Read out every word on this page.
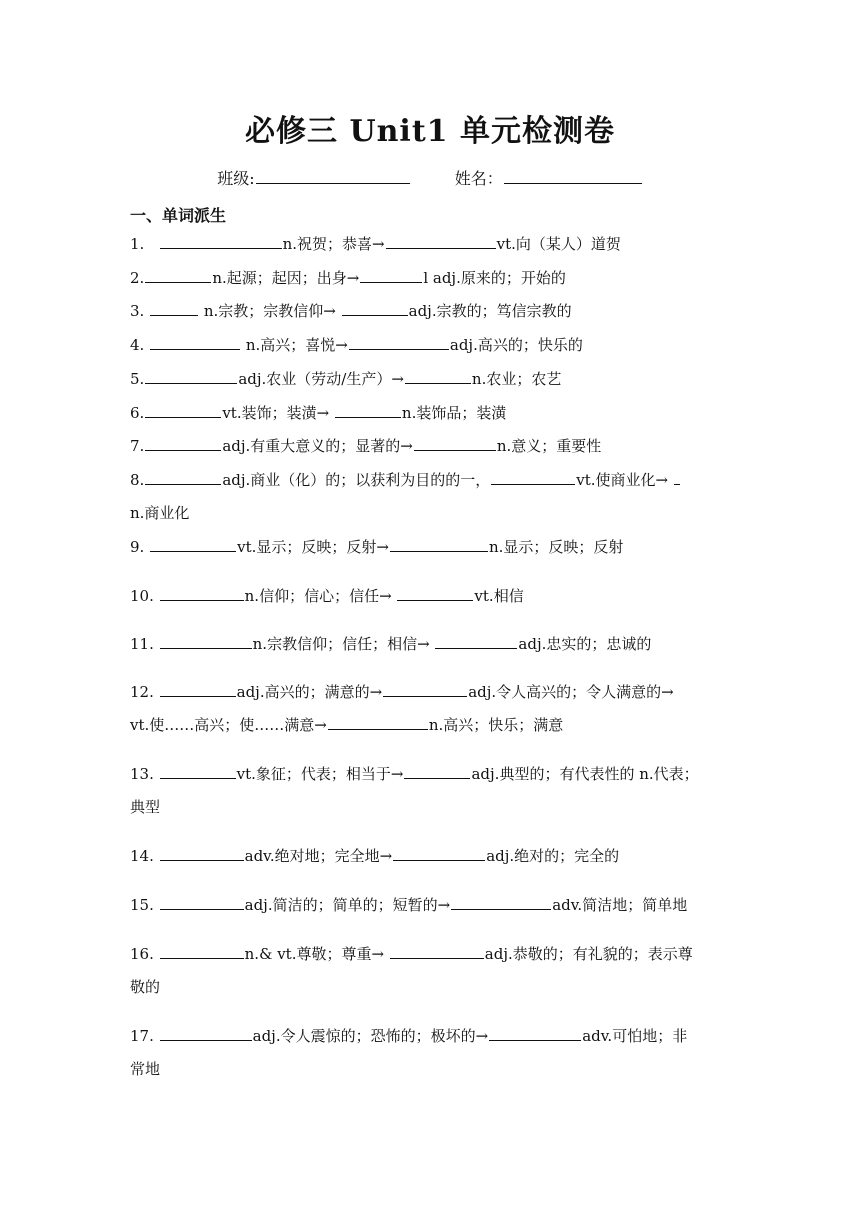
必修三 Unit1 单元检测卷
班级:	姓名：
一、单词派生
1.	n.祝贺；恭喜→	vt.向（某人）道贺
2.	n.起源；起因；出身→	l adj.原来的；开始的
3.	n.宗教；宗教信仰→	adj.宗教的；笃信宗教的
4.	n.高兴；喜悦→	adj.高兴的；快乐的
5.	adj.农业（劳动/生产）→	n.农业；农艺
6.	vt.装饰；装潢→	n.装饰品；装潢
7.	adj.有重大意义的；显著的→	n.意义；重要性
8.	adj.商业（化）的；以获利为目的的一，	vt.使商业化→
n.商业化
9.	vt.显示；反映；反射→	n.显示；反映；反射
10.	n.信仰；信心；信任→	vt.相信
11.	n.宗教信仰；信任；相信→	adj.忠实的；忠诚的
12.	adj.高兴的；满意的→	adj.令人高兴的；令人满意的→
vt.使……高兴；使……满意→	n.高兴；快乐；满意
13.	vt.象征；代表；相当于→	adj.典型的；有代表性的 n.代表；
典型
14.	adv.绝对地；完全地→	adj.绝对的；完全的
15.	adj.简洁的；简单的；短暂的→	adv.简洁地；简单地
16.	n.& vt.尊敬；尊重→	adj.恭敬的；有礼貌的；表示尊
敬的
17.	adj.令人震惊的；恐怖的；极坏的→	adv.可怕地；非
常地
